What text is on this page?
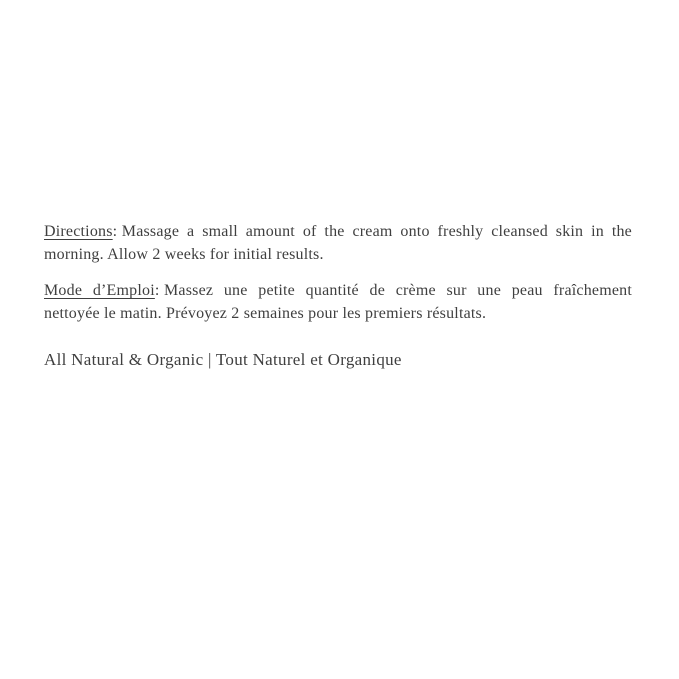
Directions: Massage a small amount of the cream onto freshly cleansed skin in the
morning. Allow 2 weeks for initial results.
Mode d’Emploi: Massez une petite quantité de crème sur une peau fraîchement
nettoyée le matin. Prévoyez 2 semaines pour les premiers résultats.
All Natural & Organic | Tout Naturel et Organique
